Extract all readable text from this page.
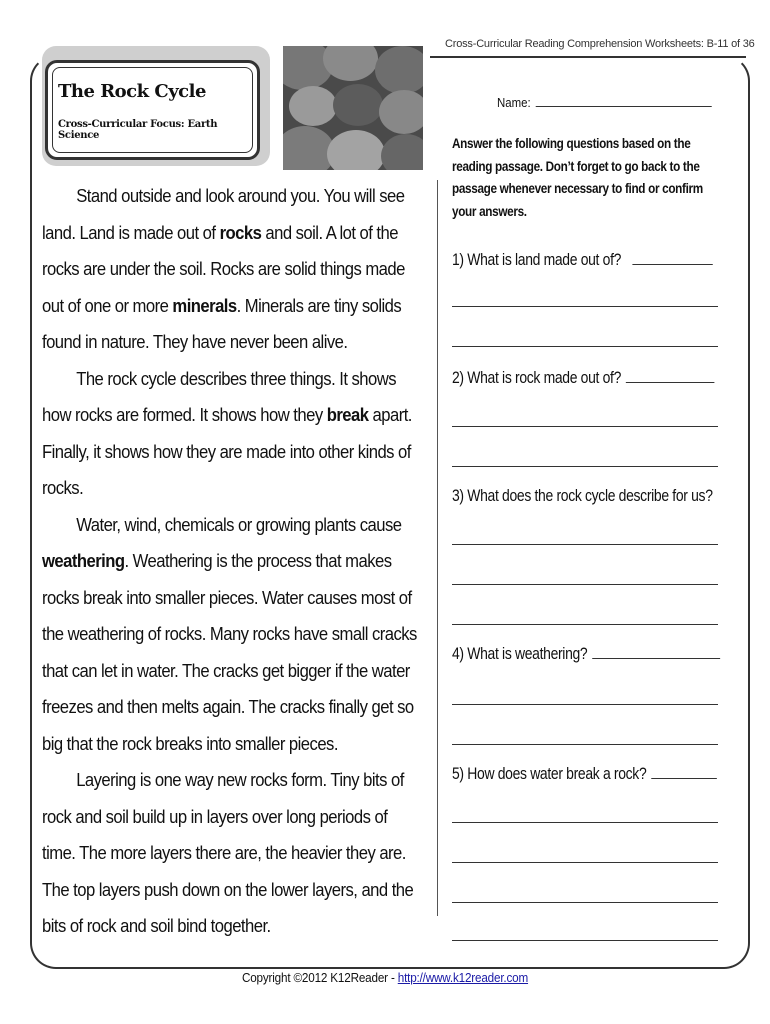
Cross-Curricular Reading Comprehension Worksheets: B-11 of 36
The Rock Cycle
Cross-Curricular Focus: Earth Science
Name:
Answer the following questions based on the reading passage. Don’t forget to go back to the passage whenever necessary to find or confirm your answers.

Stand outside and look around you. You will see land. Land is made out of rocks and soil. A lot of the rocks are under the soil. Rocks are solid things made out of one or more minerals. Minerals are tiny solids found in nature. They have never been alive.

The rock cycle describes three things. It shows how rocks are formed. It shows how they break apart. Finally, it shows how they are made into other kinds of rocks.

Water, wind, chemicals or growing plants cause weathering. Weathering is the process that makes rocks break into smaller pieces. Water causes most of the weathering of rocks. Many rocks have small cracks that can let in water. The cracks get bigger if the water freezes and then melts again. The cracks finally get so big that the rock breaks into smaller pieces.

Layering is one way new rocks form. Tiny bits of rock and soil build up in layers over long periods of time. The more layers there are, the heavier they are. The top layers push down on the lower layers, and the bits of rock and soil bind together.

1) What is land made out of?
2) What is rock made out of?
3) What does the rock cycle describe for us?
4) What is weathering?
5) How does water break a rock?
Copyright ©2012 K12Reader - http://www.k12reader.com
